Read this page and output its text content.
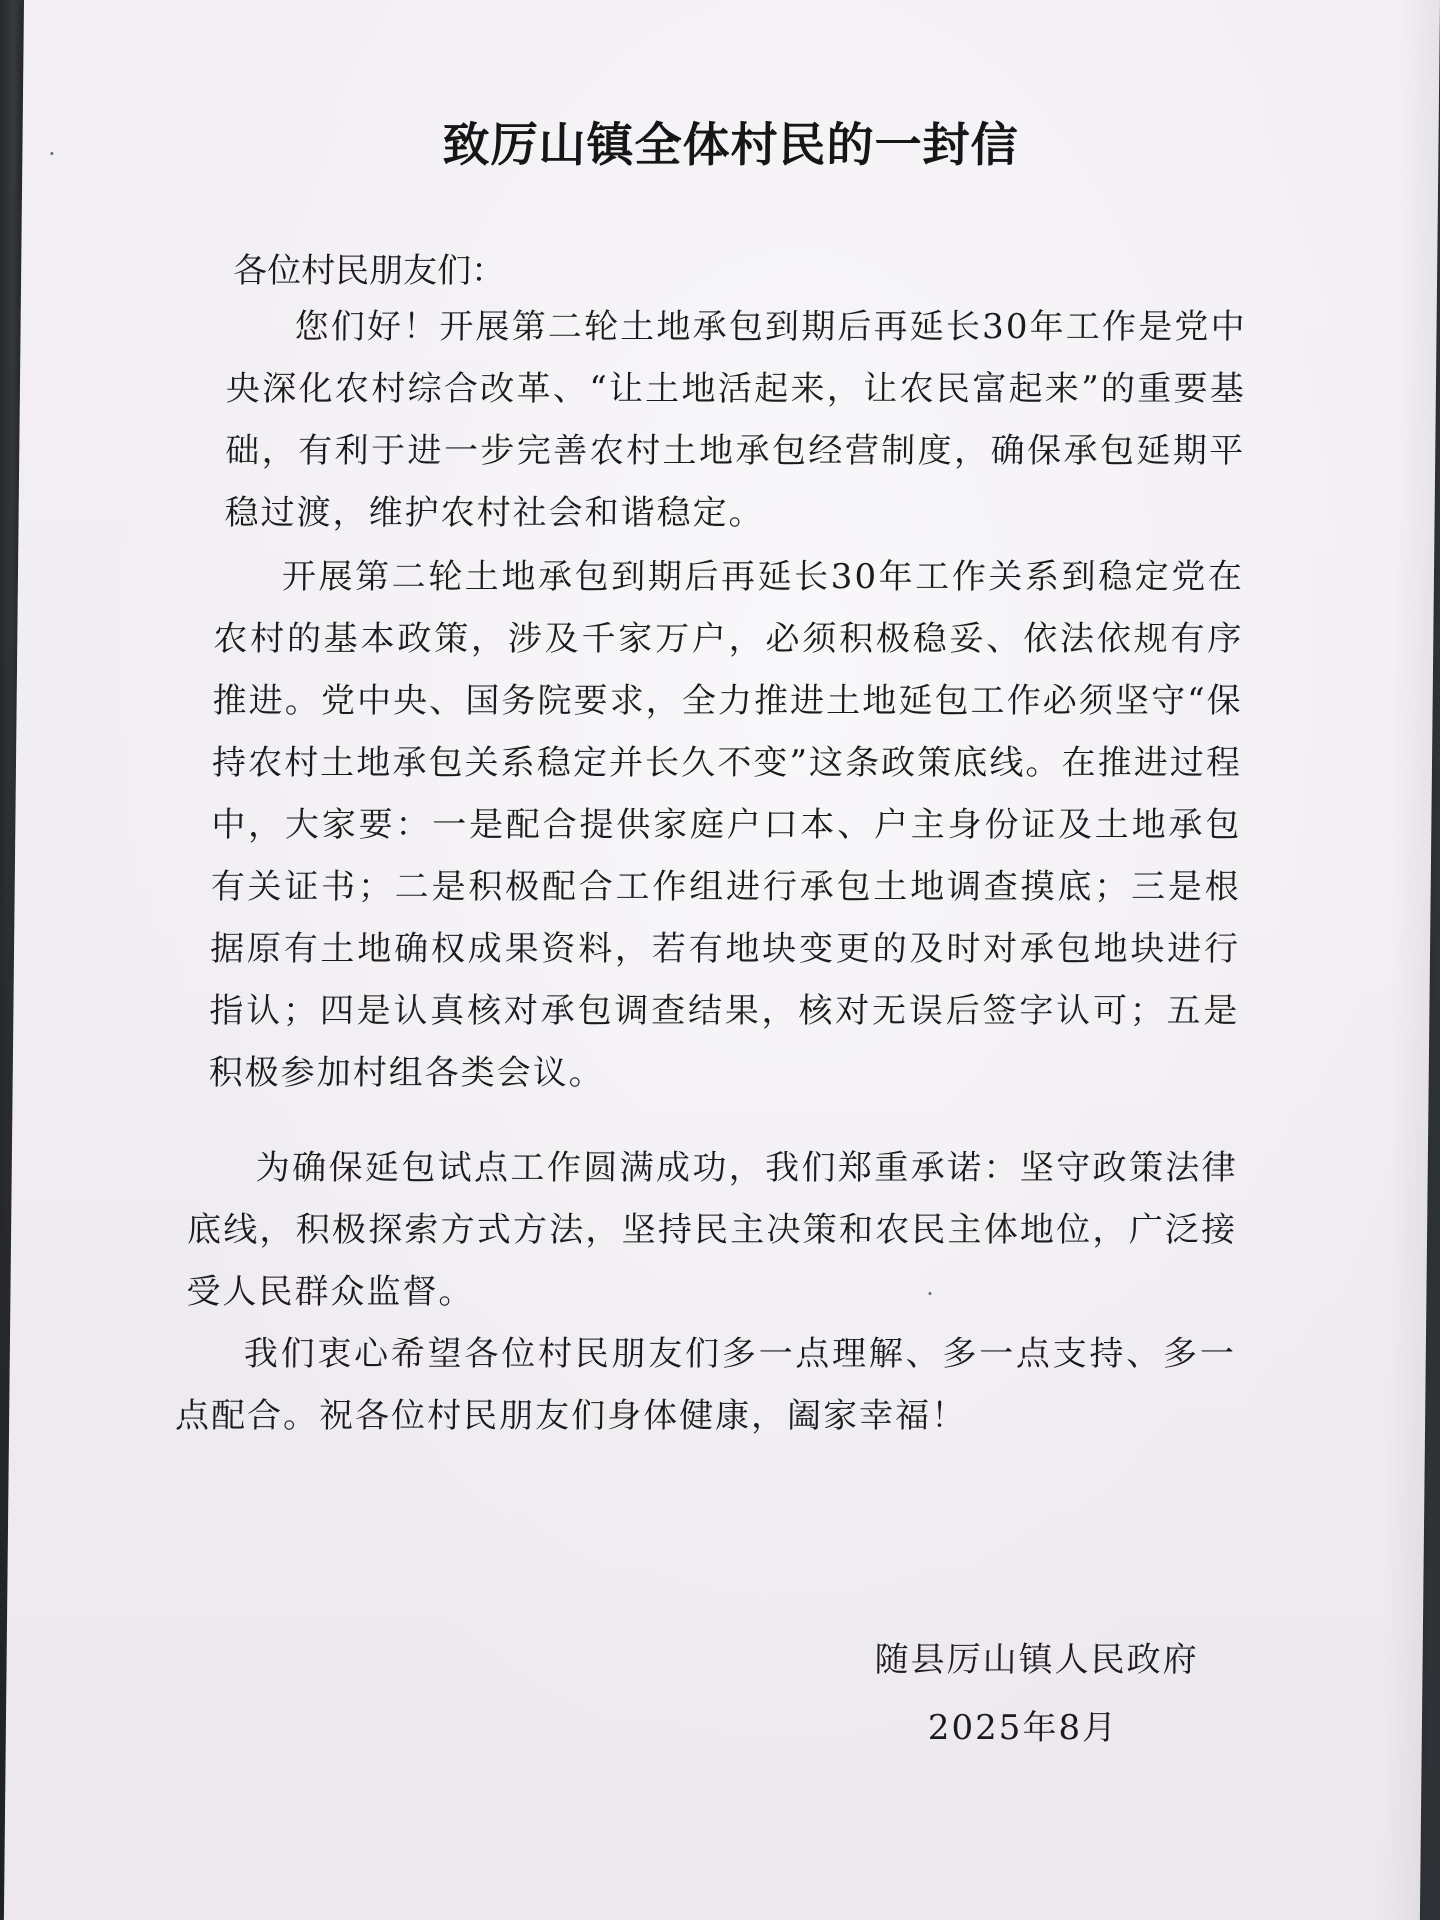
致厉山镇全体村民的一封信

各位村民朋友们：

您们好！开展第二轮土地承包到期后再延长30年工作是党中央深化农村综合改革、“让土地活起来，让农民富起来”的重要基础，有利于进一步完善农村土地承包经营制度，确保承包延期平稳过渡，维护农村社会和谐稳定。

开展第二轮土地承包到期后再延长30年工作关系到稳定党在农村的基本政策，涉及千家万户，必须积极稳妥、依法依规有序推进。党中央、国务院要求，全力推进土地延包工作必须坚守“保持农村土地承包关系稳定并长久不变”这条政策底线。在推进过程中，大家要：一是配合提供家庭户口本、户主身份证及土地承包有关证书；二是积极配合工作组进行承包土地调查摸底；三是根据原有土地确权成果资料，若有地块变更的及时对承包地块进行指认；四是认真核对承包调查结果，核对无误后签字认可；五是积极参加村组各类会议。

为确保延包试点工作圆满成功，我们郑重承诺：坚守政策法律底线，积极探索方式方法，坚持民主决策和农民主体地位，广泛接受人民群众监督。

我们衷心希望各位村民朋友们多一点理解、多一点支持、多一点配合。祝各位村民朋友们身体健康，阖家幸福！

随县厉山镇人民政府

2025年8月
